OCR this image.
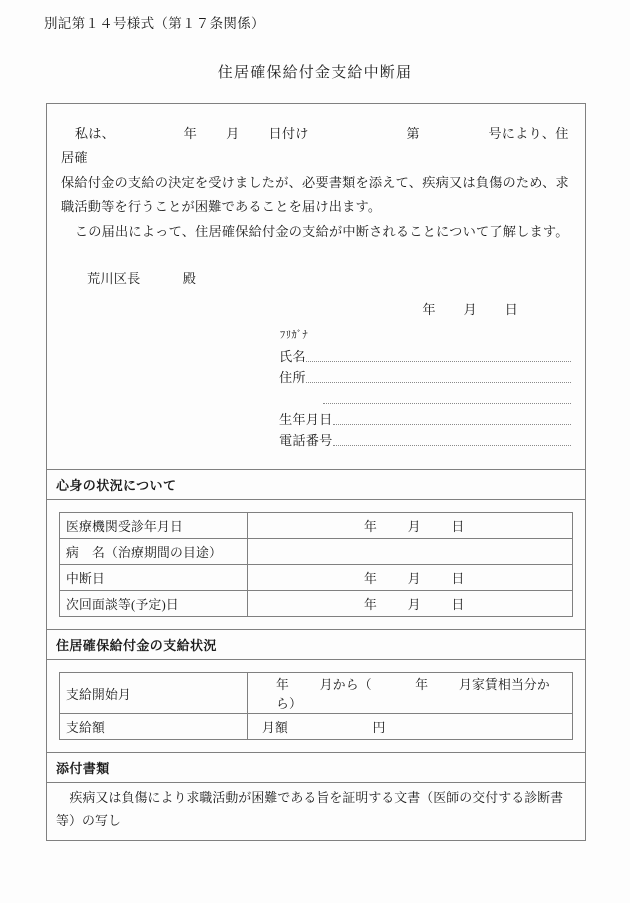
別記第１４号様式（第１７条関係）
住居確保給付金支給中断届

私は、	年 月 日付け	第	号により、住居確

保給付金の支給の決定を受けましたが、必要書類を添えて、疾病又は負傷のため、求

職活動等を行うことが困難であることを届け出ます。

この届出によって、住居確保給付金の支給が中断されることについて了解します。

荒川区長	殿
年 月 日
ﾌﾘｶﾞﾅ
氏名
住所
生年月日
電話番号
心身の状況について
医療機関受診年月日	年 月 日
病　名（治療期間の目途）	
中断日	年 月 日
次回面談等(予定)日	年 月 日
住居確保給付金の支給状況
支給開始月	年 月から（ 年 月家賃相当分から）
支給額	月額 円
添付書類
疾病又は負傷により求職活動が困難である旨を証明する文書（医師の交付する診断書等）の写し
